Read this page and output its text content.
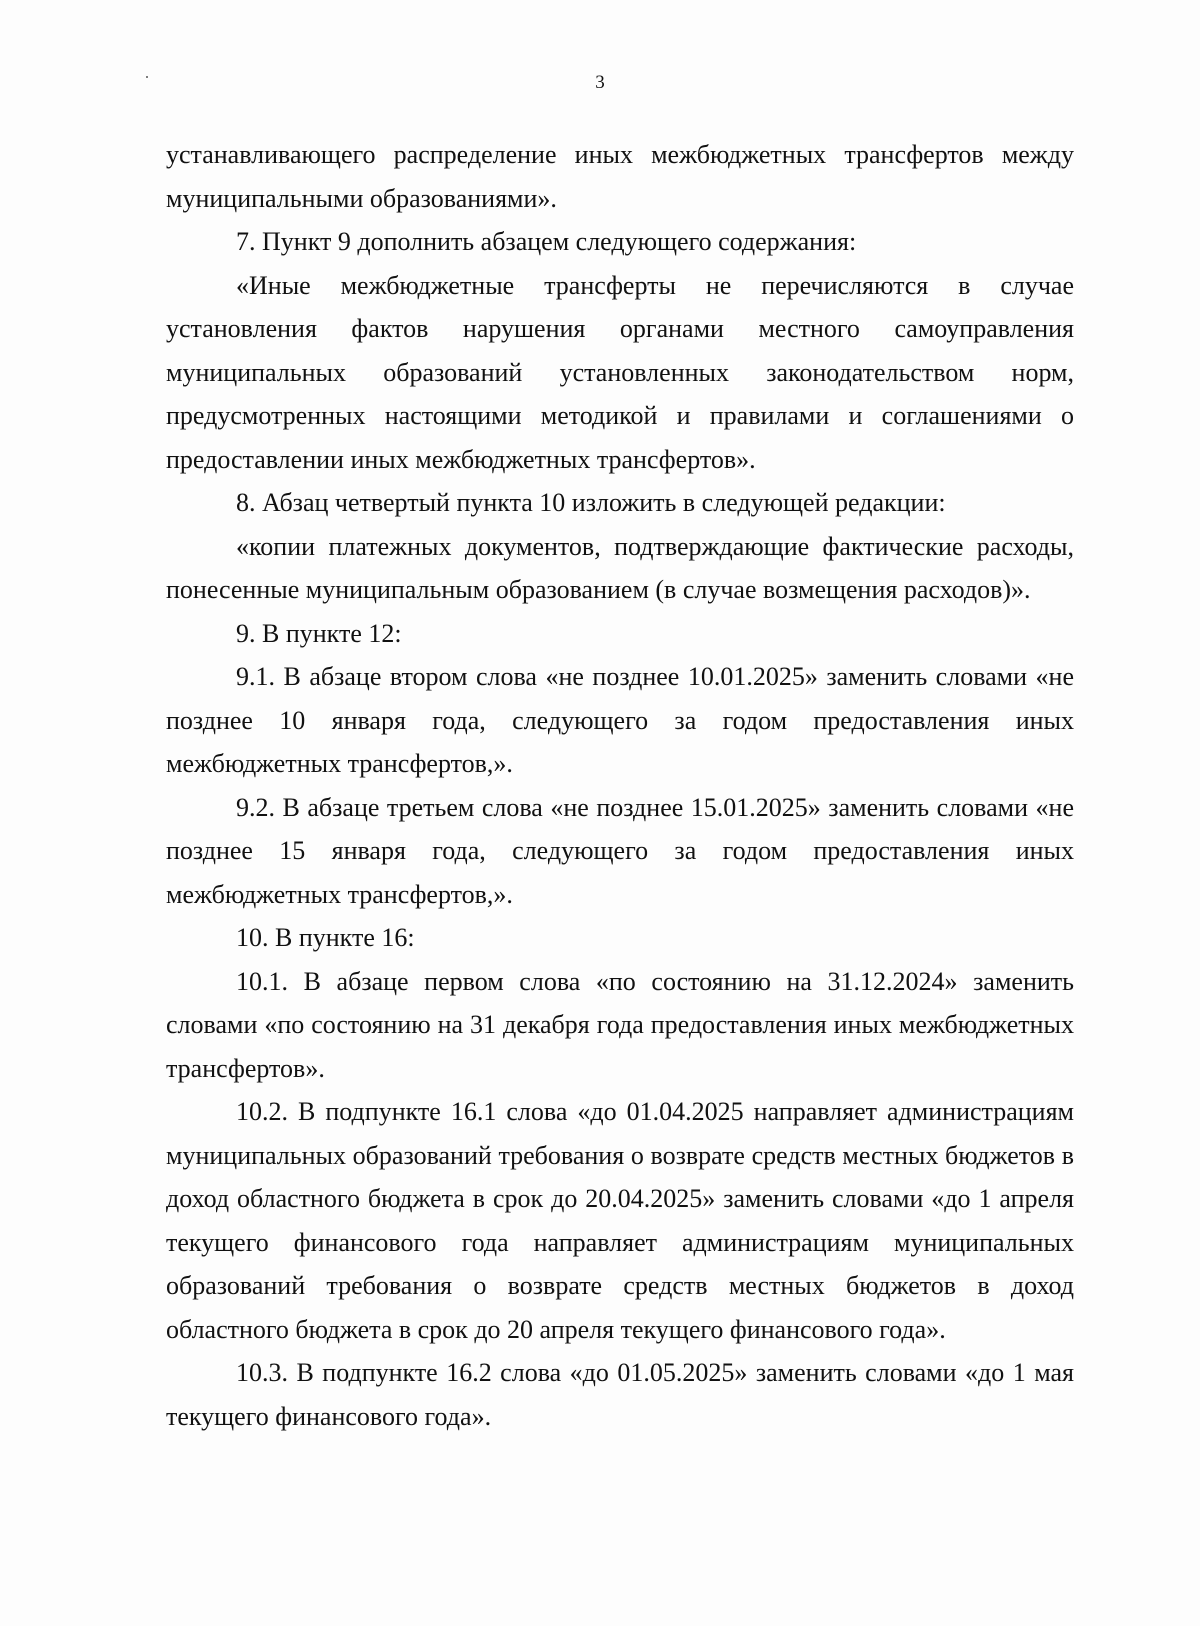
3

устанавливающего распределение иных межбюджетных трансфертов между муниципальными образованиями».

7. Пункт 9 дополнить абзацем следующего содержания:

«Иные межбюджетные трансферты не перечисляются в случае установления фактов нарушения органами местного самоуправления муниципальных образований установленных законодательством норм, предусмотренных настоящими методикой и правилами и соглашениями о предоставлении иных межбюджетных трансфертов».

8. Абзац четвертый пункта 10 изложить в следующей редакции:

«копии платежных документов, подтверждающие фактические расходы, понесенные муниципальным образованием (в случае возмещения расходов)».

9. В пункте 12:

9.1. В абзаце втором слова «не позднее 10.01.2025» заменить словами «не позднее 10 января года, следующего за годом предоставления иных межбюджетных трансфертов,».

9.2. В абзаце третьем слова «не позднее 15.01.2025» заменить словами «не позднее 15 января года, следующего за годом предоставления иных межбюджетных трансфертов,».

10. В пункте 16:

10.1. В абзаце первом слова «по состоянию на 31.12.2024» заменить словами «по состоянию на 31 декабря года предоставления иных межбюджетных трансфертов».

10.2. В подпункте 16.1 слова «до 01.04.2025 направляет администрациям муниципальных образований требования о возврате средств местных бюджетов в доход областного бюджета в срок до 20.04.2025» заменить словами «до 1 апреля текущего финансового года направляет администрациям муниципальных образований требования о возврате средств местных бюджетов в доход областного бюджета в срок до 20 апреля текущего финансового года».

10.3. В подпункте 16.2 слова «до 01.05.2025» заменить словами «до 1 мая текущего финансового года».
